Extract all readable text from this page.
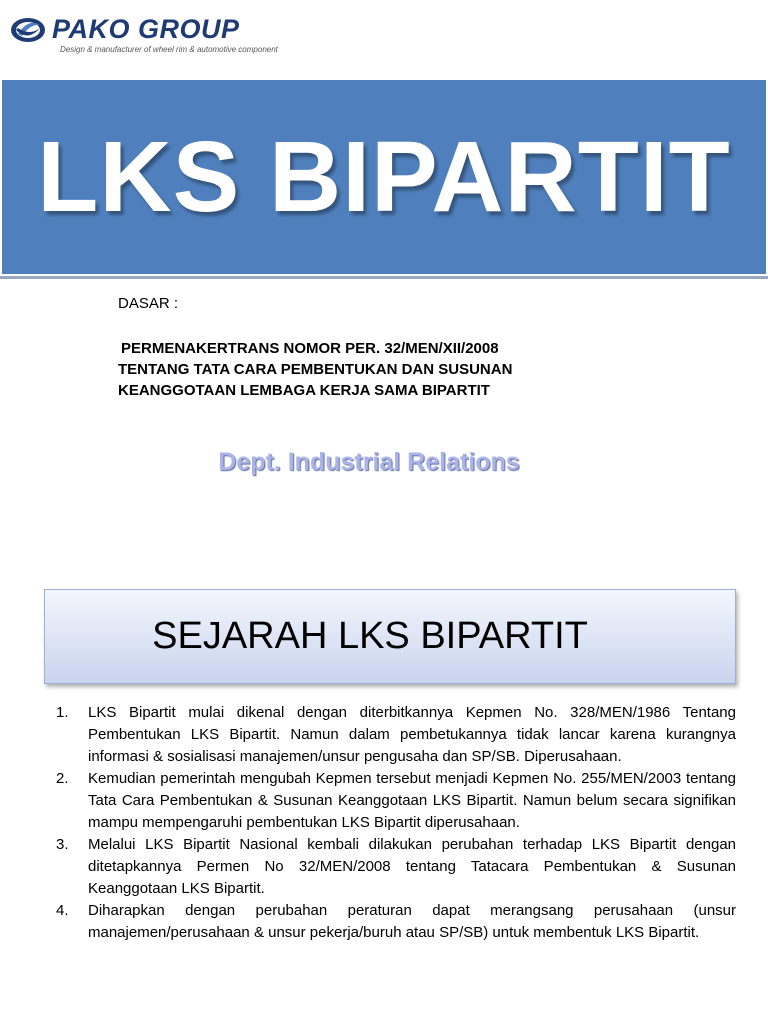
PAKO GROUP
Design & manufacturer of wheel rim & automotive component
LKS BIPARTIT
DASAR :
PERMENAKERTRANS NOMOR PER. 32/MEN/XII/2008
TENTANG TATA CARA PEMBENTUKAN DAN SUSUNAN
KEANGGOTAAN LEMBAGA KERJA SAMA BIPARTIT
Dept. Industrial Relations
SEJARAH LKS BIPARTIT
1.	LKS Bipartit mulai dikenal dengan diterbitkannya Kepmen No. 328/MEN/1986 Tentang Pembentukan LKS Bipartit. Namun dalam pembetukannya tidak lancar karena kurangnya informasi & sosialisasi manajemen/unsur pengusaha dan SP/SB. Diperusahaan.
2.	Kemudian pemerintah mengubah Kepmen tersebut menjadi Kepmen No. 255/MEN/2003 tentang Tata Cara Pembentukan & Susunan Keanggotaan LKS Bipartit. Namun belum secara signifikan mampu mempengaruhi pembentukan LKS Bipartit diperusahaan.
3.	Melalui LKS Bipartit Nasional kembali dilakukan perubahan terhadap LKS Bipartit dengan ditetapkannya Permen No 32/MEN/2008 tentang Tatacara Pembentukan & Susunan Keanggotaan LKS Bipartit.
4.	Diharapkan dengan perubahan peraturan dapat merangsang perusahaan (unsur manajemen/perusahaan & unsur pekerja/buruh atau SP/SB) untuk membentuk LKS Bipartit.
